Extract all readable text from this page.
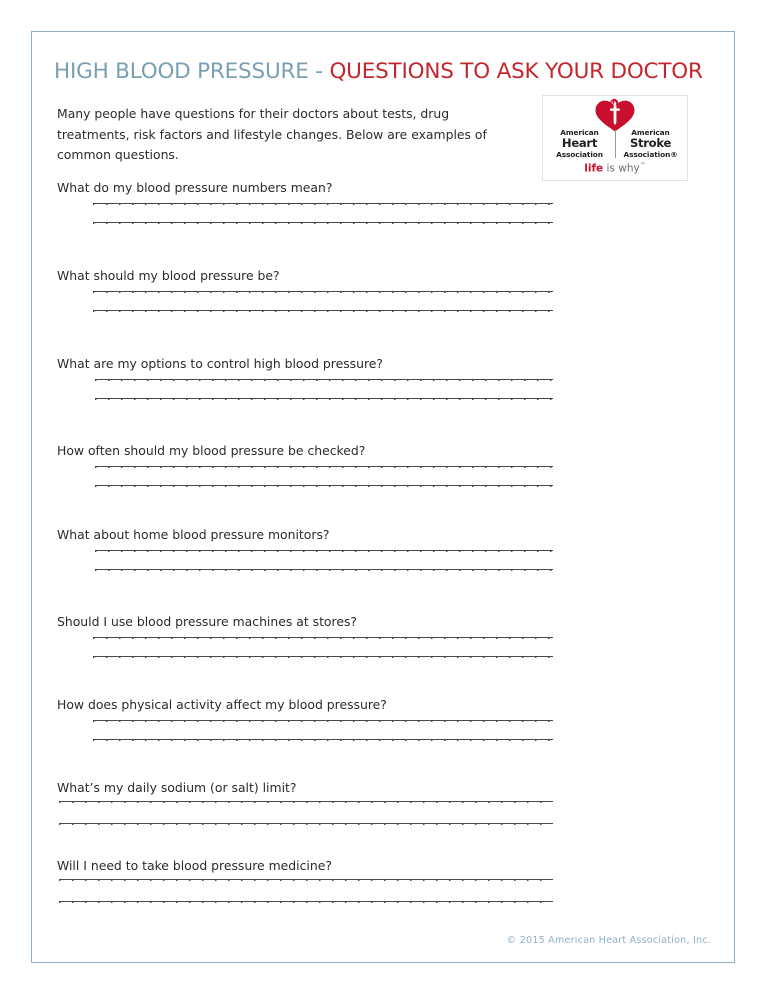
HIGH BLOOD PRESSURE - QUESTIONS TO ASK YOUR DOCTOR
Many people have questions for their doctors about tests, drug treatments, risk factors and lifestyle changes. Below are examples of common questions.
American
Heart
Association
American
Stroke
Association®
life is why™
What do my blood pressure numbers mean?
What should my blood pressure be?
What are my options to control high blood pressure?
How often should my blood pressure be checked?
What about home blood pressure monitors?
Should I use blood pressure machines at stores?
How does physical activity affect my blood pressure?
What’s my daily sodium (or salt) limit?
Will I need to take blood pressure medicine?
© 2015 American Heart Association, Inc.
